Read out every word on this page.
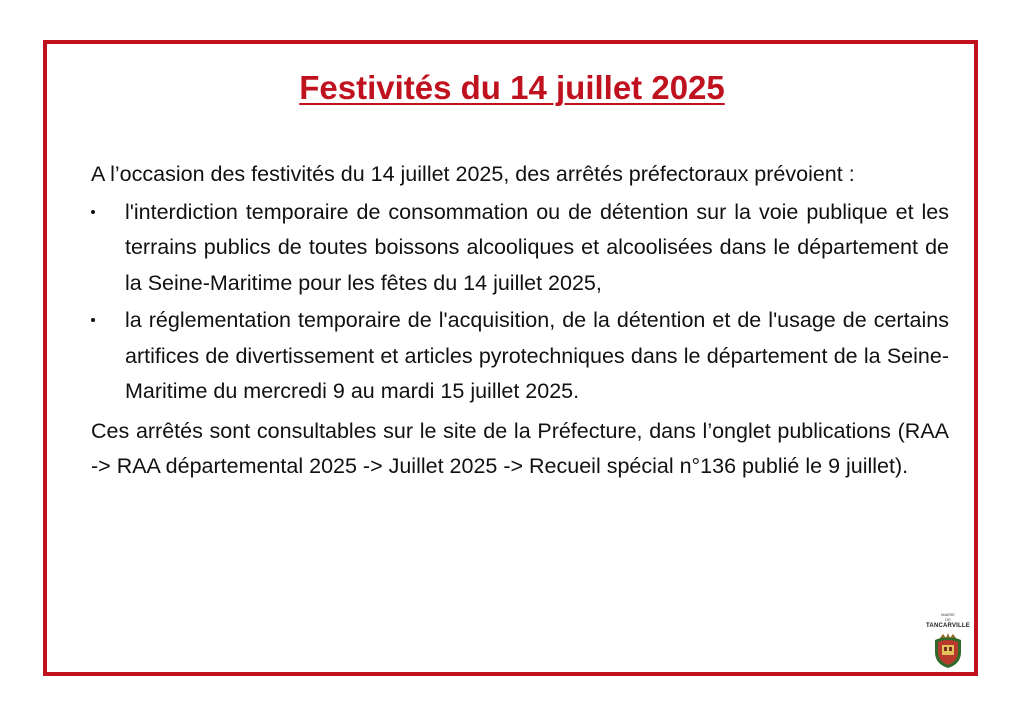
Festivités du 14 juillet 2025

A l’occasion des festivités du 14 juillet 2025, des arrêtés préfectoraux prévoient :

l'interdiction temporaire de consommation ou de détention sur la voie publique et les terrains publics de toutes boissons alcooliques et alcoolisées dans le département de la Seine-Maritime pour les fêtes du 14 juillet 2025,
la réglementation temporaire de l'acquisition, de la détention et de l'usage de certains artifices de divertissement et articles pyrotechniques dans le département de la Seine-Maritime du mercredi 9 au mardi 15 juillet 2025.

Ces arrêtés sont consultables sur le site de la Préfecture, dans l’onglet publications (RAA -> RAA départemental 2025 -> Juillet 2025 -> Recueil spécial n°136 publié le 9 juillet).

MAIRIE
DE
TANCARVILLE
